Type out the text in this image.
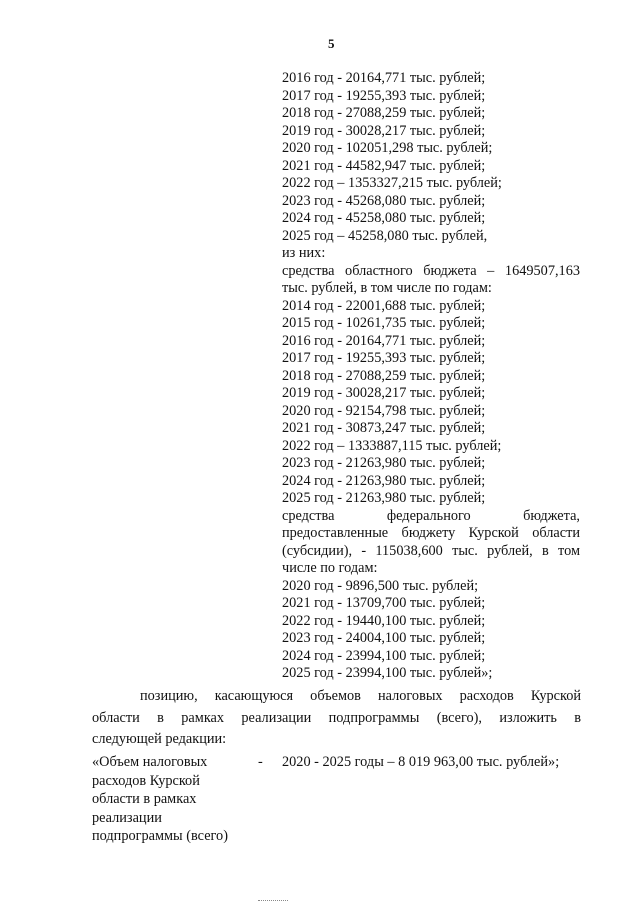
5
2016 год - 20164,771 тыс. рублей;
2017 год - 19255,393 тыс. рублей;
2018 год - 27088,259 тыс. рублей;
2019 год - 30028,217 тыс. рублей;
2020 год - 102051,298 тыс. рублей;
2021 год - 44582,947 тыс. рублей;
2022 год – 1353327,215 тыс. рублей;
2023 год - 45268,080 тыс. рублей;
2024 год - 45258,080 тыс. рублей;
2025 год – 45258,080 тыс. рублей,
из них:
средства областного бюджета – 1649507,163
тыс. рублей, в том числе по годам:
2014 год - 22001,688 тыс. рублей;
2015 год - 10261,735 тыс. рублей;
2016 год - 20164,771 тыс. рублей;
2017 год - 19255,393 тыс. рублей;
2018 год - 27088,259 тыс. рублей;
2019 год - 30028,217 тыс. рублей;
2020 год - 92154,798 тыс. рублей;
2021 год - 30873,247 тыс. рублей;
2022 год – 1333887,115 тыс. рублей;
2023 год - 21263,980 тыс. рублей;
2024 год - 21263,980 тыс. рублей;
2025 год - 21263,980 тыс. рублей;
средства федерального бюджета,
предоставленные бюджету Курской области
(субсидии), - 115038,600 тыс. рублей, в том
числе по годам:
2020 год - 9896,500 тыс. рублей;
2021 год - 13709,700 тыс. рублей;
2022 год - 19440,100 тыс. рублей;
2023 год - 24004,100 тыс. рублей;
2024 год - 23994,100 тыс. рублей;
2025 год - 23994,100 тыс. рублей»;
позицию, касающуюся объемов налоговых расходов Курской
области в рамках реализации подпрограммы (всего), изложить в
следующей редакции:
«Объем налоговых
расходов Курской
области в рамках
реализации
подпрограммы (всего)
- 2020 - 2025 годы – 8 019 963,00 тыс. рублей»;
